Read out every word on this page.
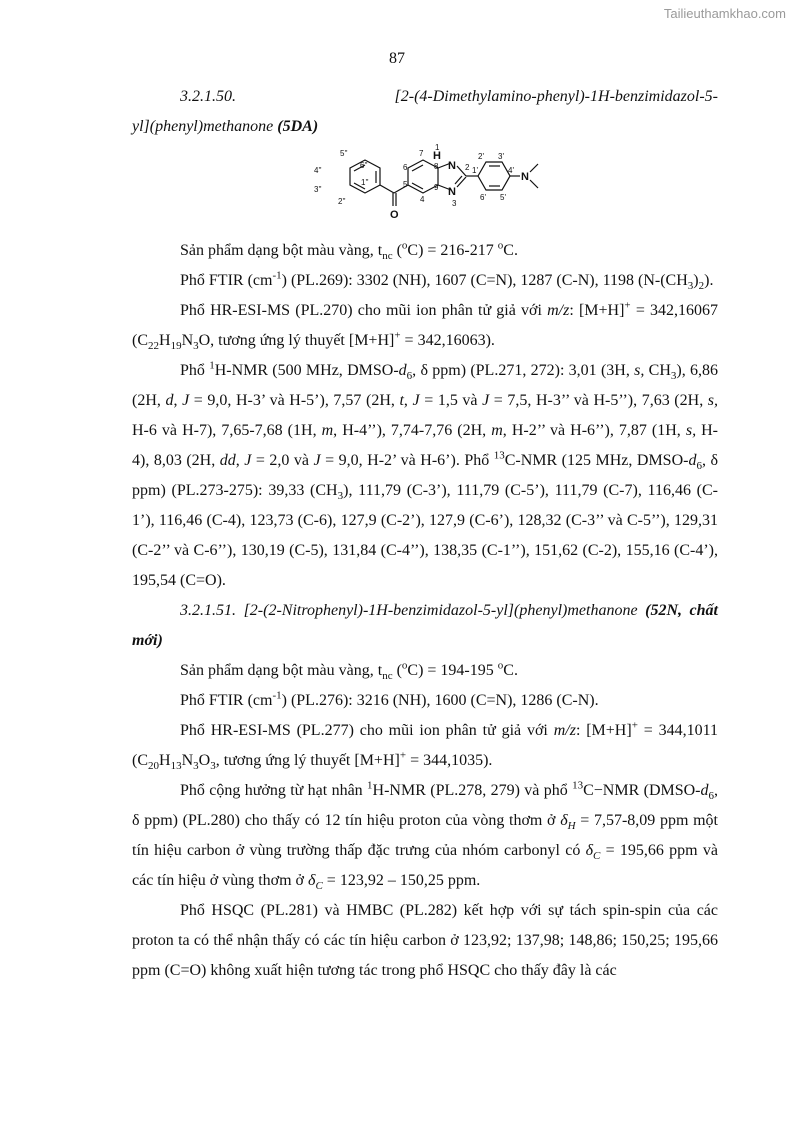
Tailieuthamkhao.com
87
3.2.1.50.	[2-(4-Dimethylamino-phenyl)-1H-benzimidazol-5-

yl](phenyl)methanone (5DA)

1
H
N 2
7
8
6
5
4
9 N
3
1'
2' 3'
4'
5'
6'
N
5''
6''
4''
1''
3''
2''
O

Sản phẩm dạng bột màu vàng, $t_{nc}$ ($^o$C) = 216-217 $^o$C.

Phổ FTIR $(cm^{-1})$ (PL.269): 3302 (NH), 1607 (C=N), 1287 (C-N), 1198 $(N-(CH_3)_2)$.

Phổ HR-ESI-MS (PL.270) cho mũi ion phân tử giả với m/z: [M+H]+ = 342,16067 ($C_{22}H_{19}N_3O$, tương ứng lý thuyết [M+H]+ = 342,16063).

Phổ $^1$H-NMR (500 MHz, DMSO-$d_6$, δ ppm) (PL.271, 272): 3,01 (3H, s, $CH_3$), 6,86 (2H, d, J = 9,0, H-3’ và H-5’), 7,57 (2H, t, J = 1,5 và J = 7,5, H-3’’ và H-5’’), 7,63 (2H, s, H-6 và H-7), 7,65-7,68 (1H, m, H-4’’), 7,74-7,76 (2H, m, H-2’’ và H-6’’), 7,87 (1H, s, H-4), 8,03 (2H, dd, J = 2,0 và J = 9,0, H-2’ và H-6’). Phổ $^{13}$C-NMR (125 MHz, DMSO-$d_6$, δ ppm) (PL.273-275): 39,33 $(CH_3)$, 111,79 (C-3’), 111,79 (C-5’), 111,79 (C-7), 116,46 (C-1’), 116,46 (C-4), 123,73 (C-6), 127,9 (C-2’), 127,9 (C-6’), 128,32 (C-3’’ và C-5’’), 129,31 (C-2’’ và C-6’’), 130,19 (C-5), 131,84 (C-4’’), 138,35 (C-1’’), 151,62 (C-2), 155,16 (C-4’), 195,54 (C=O).

3.2.1.51. [2-(2-Nitrophenyl)-1H-benzimidazol-5-yl](phenyl)methanone (52N, chất mới)

Sản phẩm dạng bột màu vàng, $t_{nc}$ ($^o$C) = 194-195 $^o$C.

Phổ FTIR $(cm^{-1})$ (PL.276): 3216 (NH), 1600 (C=N), 1286 (C-N).

Phổ HR-ESI-MS (PL.277) cho mũi ion phân tử giả với m/z: [M+H]+ = 344,1011 ($C_{20}H_{13}N_3O_3$, tương ứng lý thuyết [M+H]+ = 344,1035).

Phổ cộng hưởng từ hạt nhân $^1$H-NMR (PL.278, 279) và phổ $^{13}$C−NMR ($DMSO-d_6$, δ ppm) (PL.280) cho thấy có 12 tín hiệu proton của vòng thơm ở $\delta_H = 7,57-8,09$ ppm một tín hiệu carbon ở vùng trường thấp đặc trưng của nhóm carbonyl có $\delta_C = 195,66$ ppm và các tín hiệu ở vùng thơm ở $\delta_C = 123,92 - 150,25$ ppm.

Phổ HSQC (PL.281) và HMBC (PL.282) kết hợp với sự tách spin-spin của các proton ta có thể nhận thấy có các tín hiệu carbon ở 123,92; 137,98; 148,86; 150,25; 195,66 ppm (C=O) không xuất hiện tương tác trong phổ HSQC cho thấy đây là các
